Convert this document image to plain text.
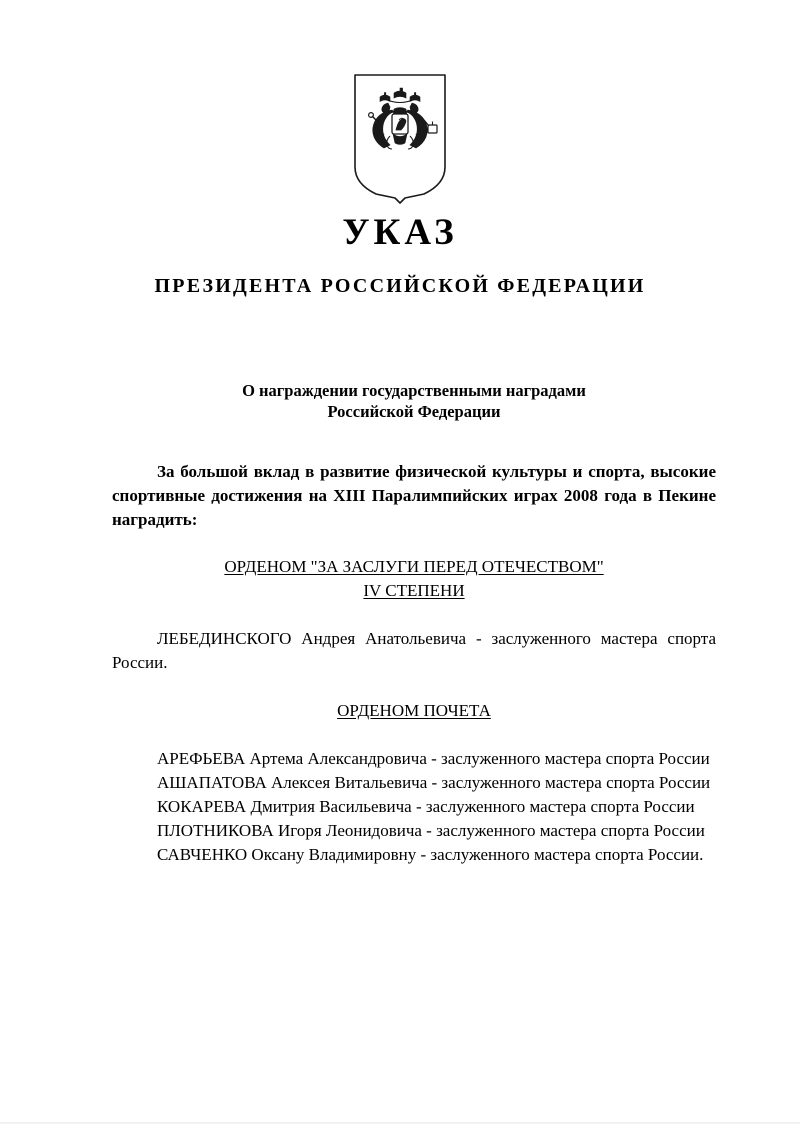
УКАЗ
ПРЕЗИДЕНТА РОССИЙСКОЙ ФЕДЕРАЦИИ
О награждении государственными наградами
Российской Федерации
За большой вклад в развитие физической культуры и спорта, высокие спортивные достижения на XIII Паралимпийских играх 2008 года в Пекине наградить:
ОРДЕНОМ "ЗА ЗАСЛУГИ ПЕРЕД ОТЕЧЕСТВОМ"
IV СТЕПЕНИ

ЛЕБЕДИНСКОГО Андрея Анатольевича - заслуженного мастера спорта России.

ОРДЕНОМ ПОЧЕТА

АРЕФЬЕВА Артема Александровича - заслуженного мастера спорта России

АШАПАТОВА Алексея Витальевича - заслуженного мастера спорта России

КОКАРЕВА Дмитрия Васильевича - заслуженного мастера спорта России

ПЛОТНИКОВА Игоря Леонидовича - заслуженного мастера спорта России

САВЧЕНКО Оксану Владимировну - заслуженного мастера спорта России.
